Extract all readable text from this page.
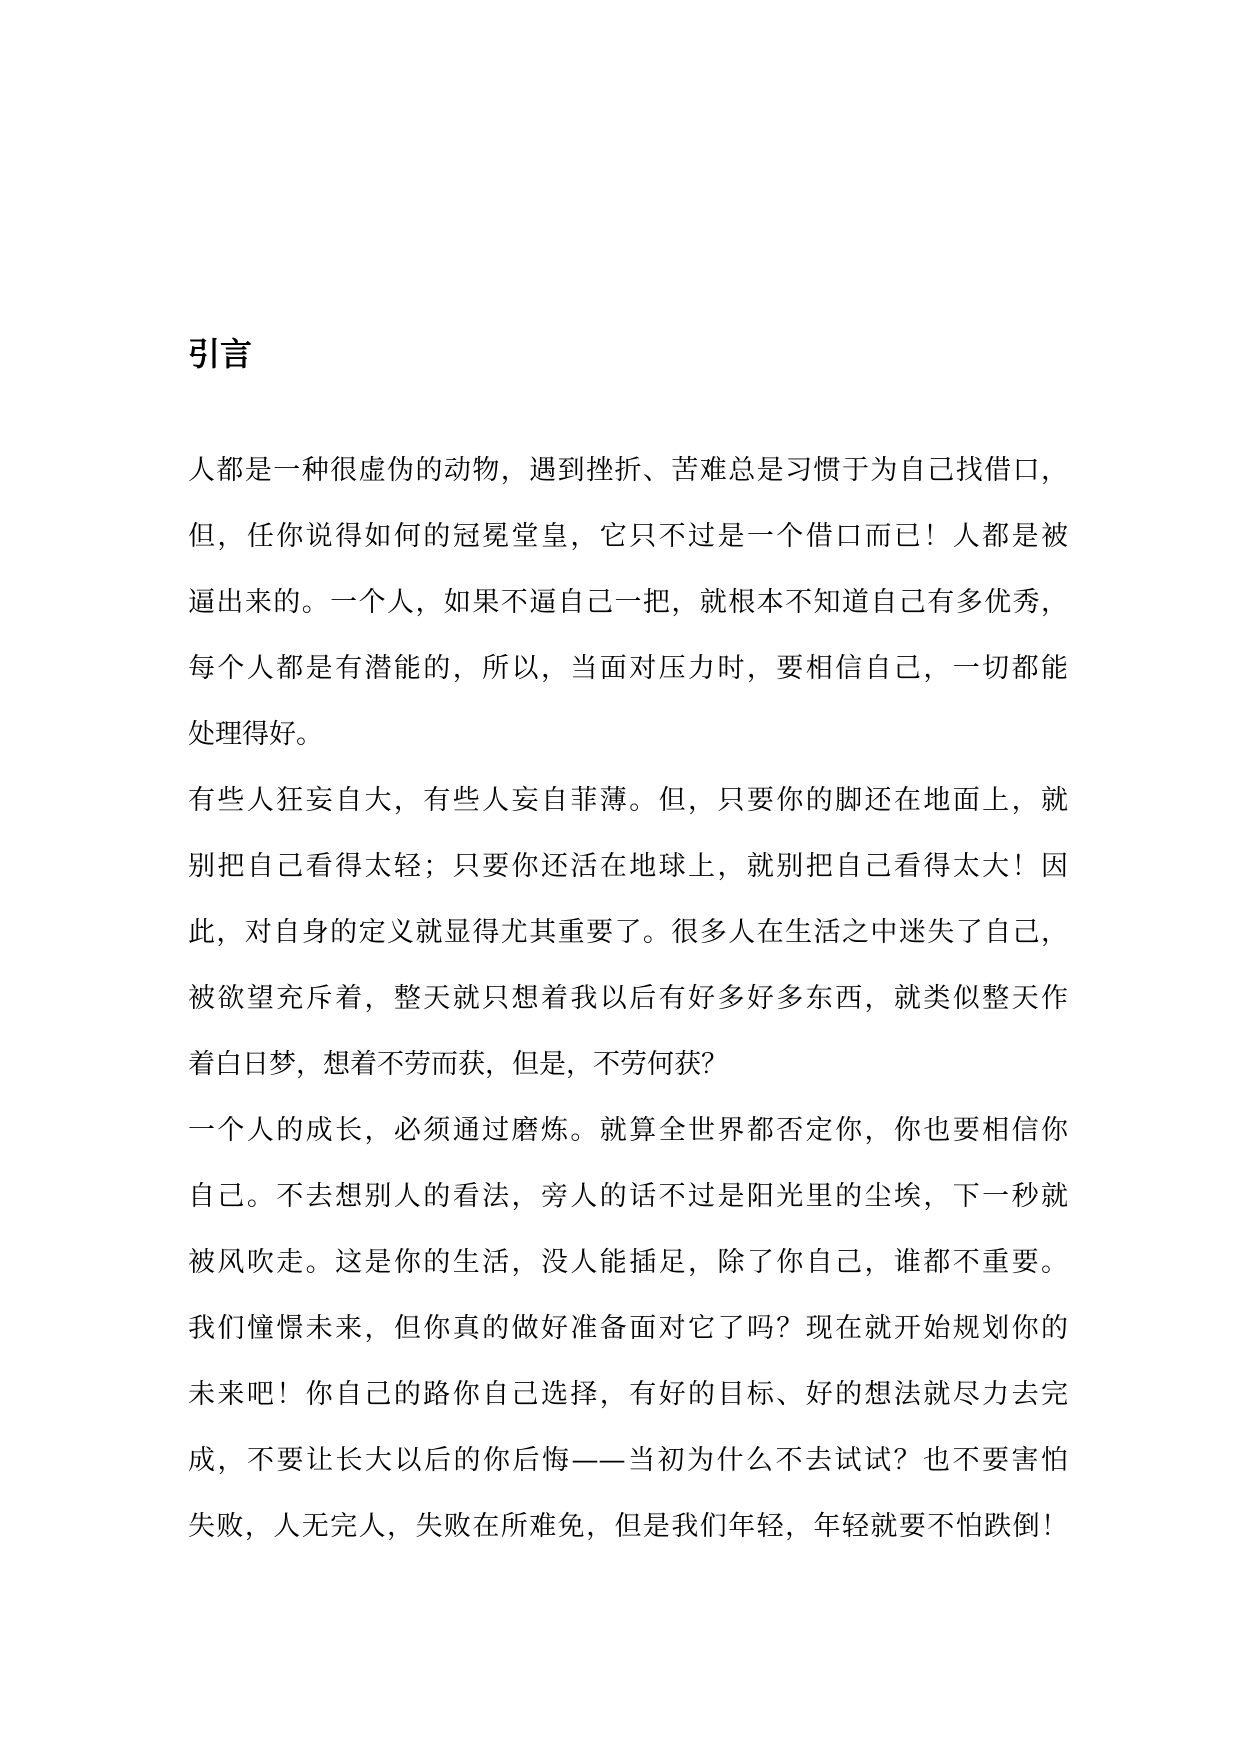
引言
人都是一种很虚伪的动物，遇到挫折、苦难总是习惯于为自己找借口，
但，任你说得如何的冠冕堂皇，它只不过是一个借口而已！人都是被
逼出来的。一个人，如果不逼自己一把，就根本不知道自己有多优秀，
每个人都是有潜能的，所以，当面对压力时，要相信自己，一切都能
处理得好。
有些人狂妄自大，有些人妄自菲薄。但，只要你的脚还在地面上，就
别把自己看得太轻；只要你还活在地球上，就别把自己看得太大！因
此，对自身的定义就显得尤其重要了。很多人在生活之中迷失了自己，
被欲望充斥着，整天就只想着我以后有好多好多东西，就类似整天作
着白日梦，想着不劳而获，但是，不劳何获？
一个人的成长，必须通过磨炼。就算全世界都否定你，你也要相信你
自己。不去想别人的看法，旁人的话不过是阳光里的尘埃，下一秒就
被风吹走。这是你的生活，没人能插足，除了你自己，谁都不重要。
我们憧憬未来，但你真的做好准备面对它了吗？现在就开始规划你的
未来吧！你自己的路你自己选择，有好的目标、好的想法就尽力去完
成，不要让长大以后的你后悔——当初为什么不去试试？也不要害怕
失败，人无完人，失败在所难免，但是我们年轻，年轻就要不怕跌倒！
